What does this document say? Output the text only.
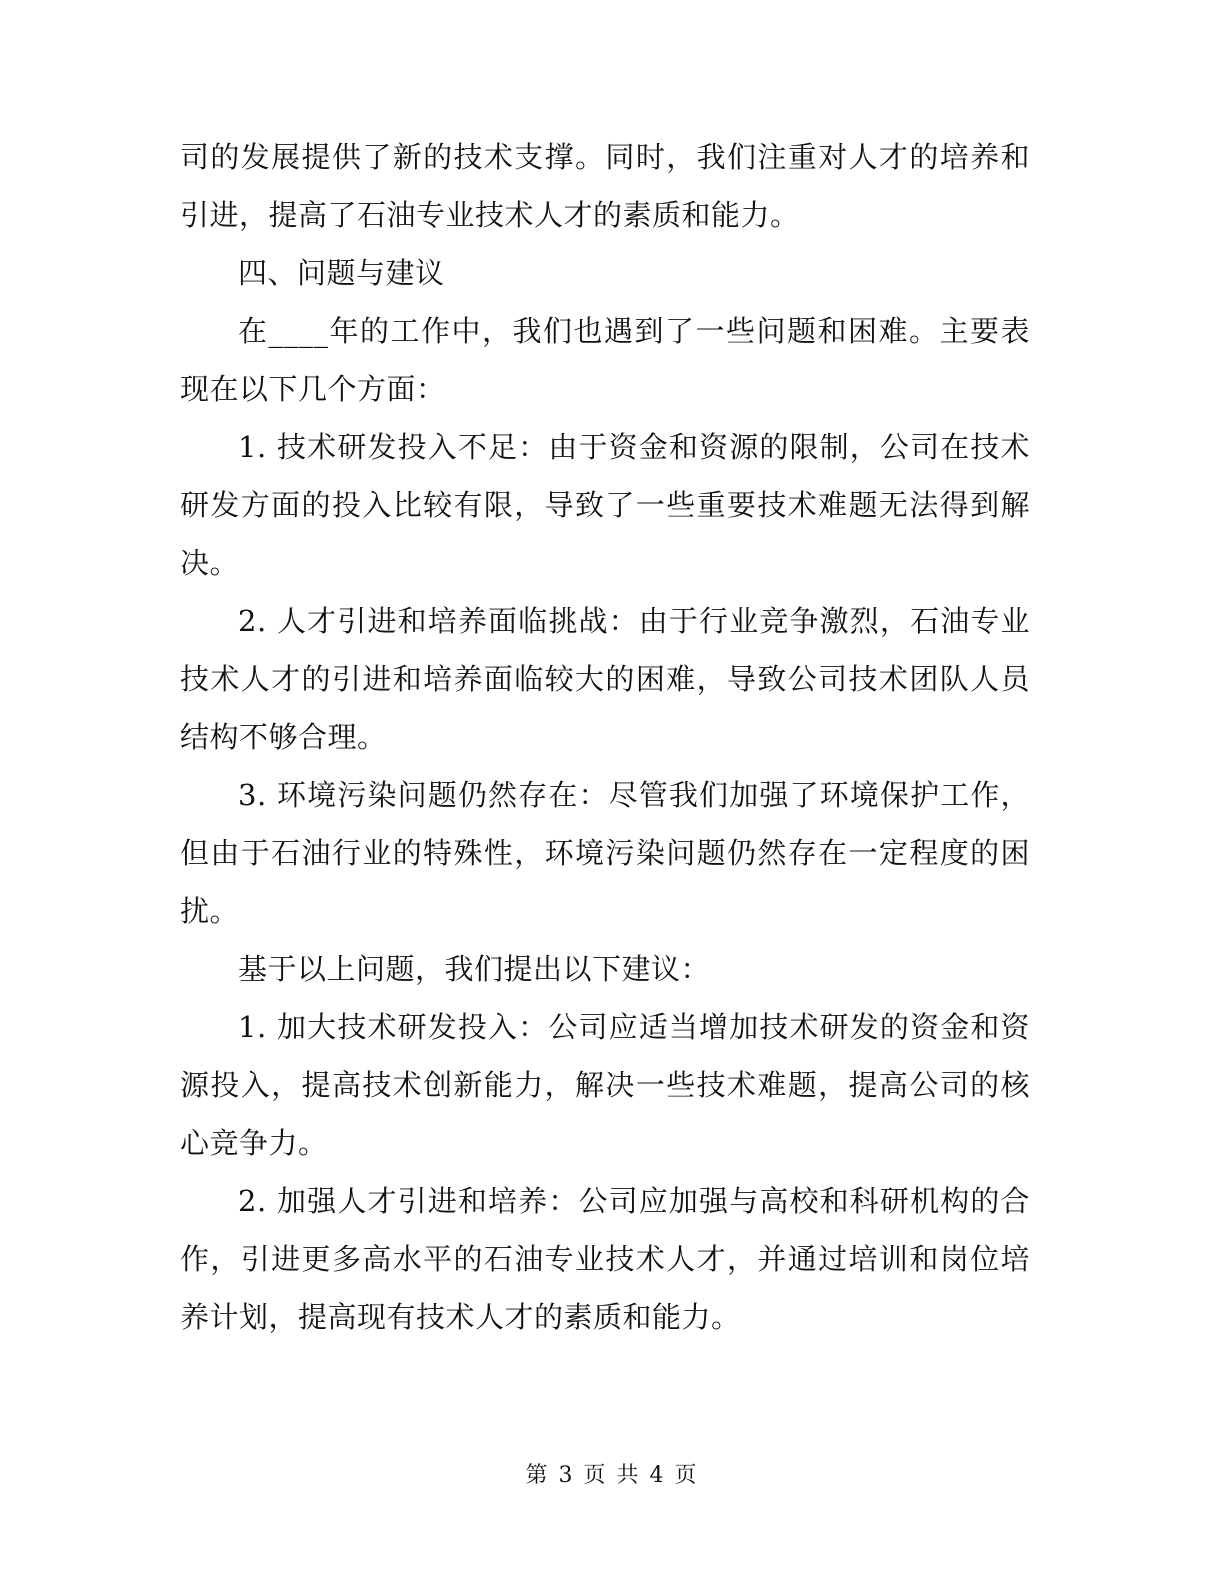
司的发展提供了新的技术支撑。同时，我们注重对人才的培养和引进，提高了石油专业技术人才的素质和能力。

四、问题与建议

在____年的工作中，我们也遇到了一些问题和困难。主要表现在以下几个方面：

1. 技术研发投入不足：由于资金和资源的限制，公司在技术研发方面的投入比较有限，导致了一些重要技术难题无法得到解决。

2. 人才引进和培养面临挑战：由于行业竞争激烈，石油专业技术人才的引进和培养面临较大的困难，导致公司技术团队人员结构不够合理。

3. 环境污染问题仍然存在：尽管我们加强了环境保护工作，但由于石油行业的特殊性，环境污染问题仍然存在一定程度的困扰。

基于以上问题，我们提出以下建议：

1. 加大技术研发投入：公司应适当增加技术研发的资金和资源投入，提高技术创新能力，解决一些技术难题，提高公司的核心竞争力。

2. 加强人才引进和培养：公司应加强与高校和科研机构的合作，引进更多高水平的石油专业技术人才，并通过培训和岗位培养计划，提高现有技术人才的素质和能力。

第 3 页 共 4 页
